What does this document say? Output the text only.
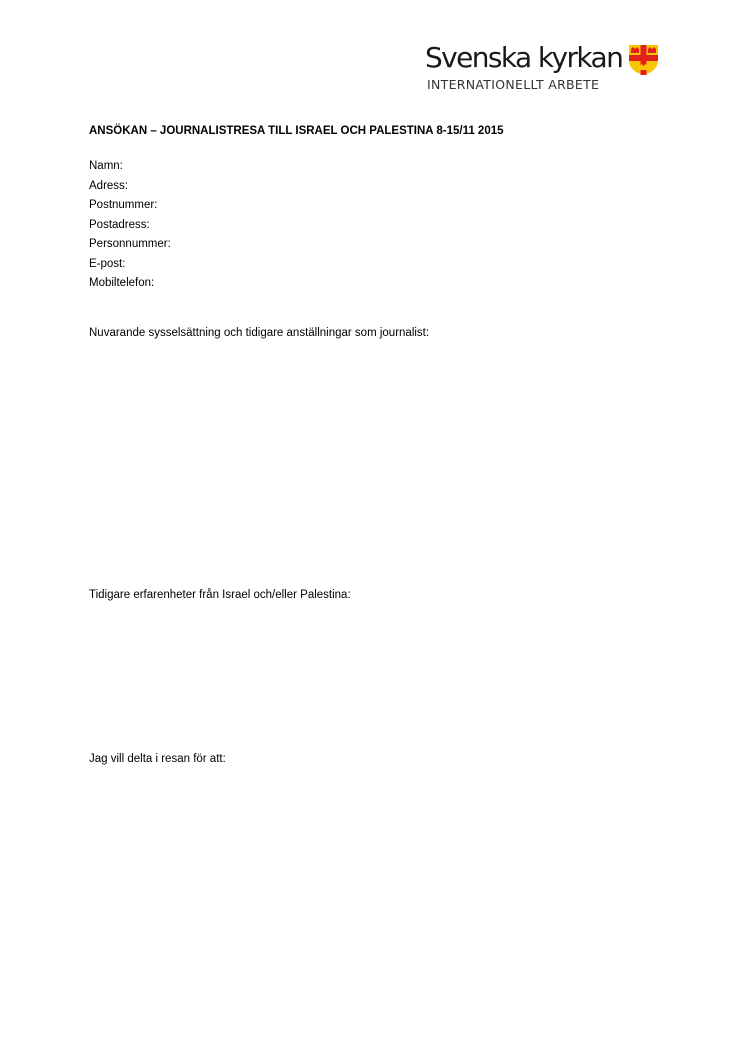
Svenska kyrkan
INTERNATIONELLT ARBETE
ANSÖKAN – JOURNALISTRESA TILL ISRAEL OCH PALESTINA 8-15/11 2015
Namn:
Adress:
Postnummer:
Postadress:
Personnummer:
E-post:
Mobiltelefon:
Nuvarande sysselsättning och tidigare anställningar som journalist:
Tidigare erfarenheter från Israel och/eller Palestina:
Jag vill delta i resan för att:
